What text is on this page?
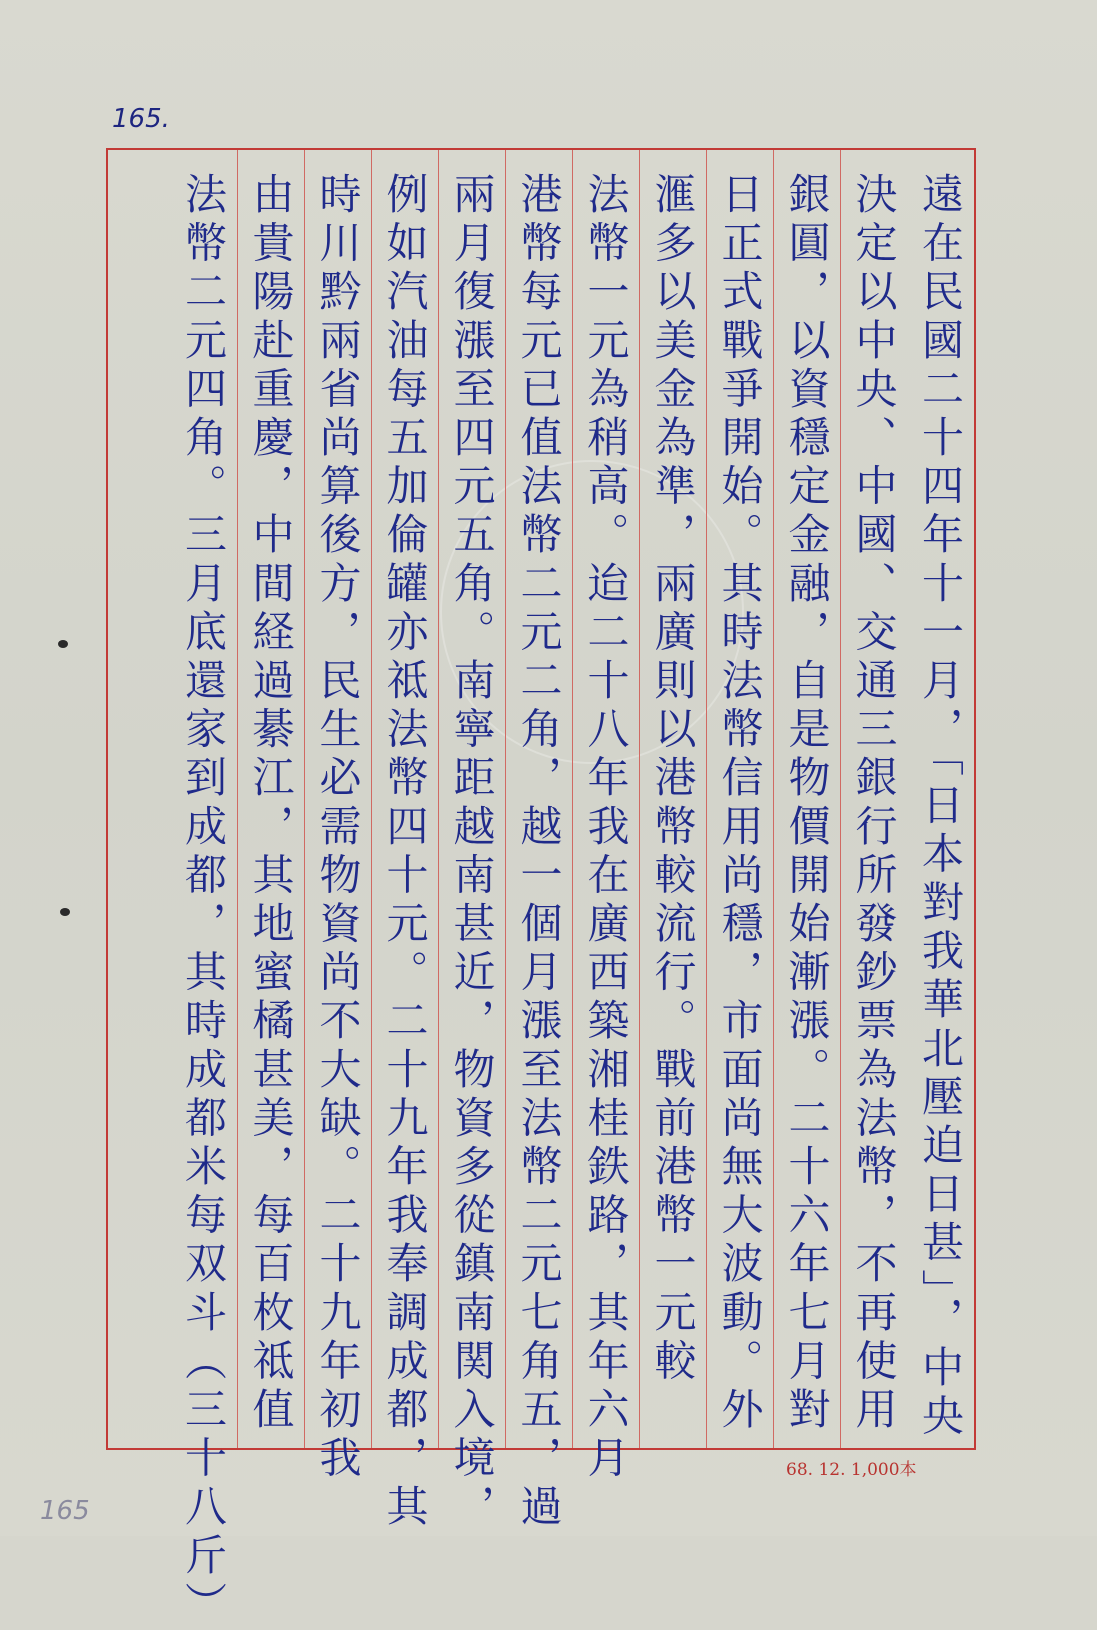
165.
遠在民國二十四年十一月，「日本對我華北壓迫日甚」，中央
決定以中央、中國、交通三銀行所發鈔票為法幣，不再使用
銀圓，以資穩定金融，自是物價開始漸漲。二十六年七月對
日正式戰爭開始。其時法幣信用尚穩，市面尚無大波動。外
滙多以美金為準，兩廣則以港幣較流行。戰前港幣一元較
法幣一元為稍高。迨二十八年我在廣西築湘桂鉄路，其年六月
港幣每元已值法幣二元二角，越一個月漲至法幣二元七角五，過
兩月復漲至四元五角。南寧距越南甚近，物資多從鎮南関入境，
例如汽油每五加倫罐亦祗法幣四十元。二十九年我奉調成都，其
時川黔兩省尚算後方，民生必需物資尚不大缺。二十九年初我
由貴陽赴重慶，中間経過綦江，其地蜜橘甚美，每百枚祗值
法幣二元四角。三月底還家到成都，其時成都米每双斗（三十八斤）	68. 12. 1,000本
165
